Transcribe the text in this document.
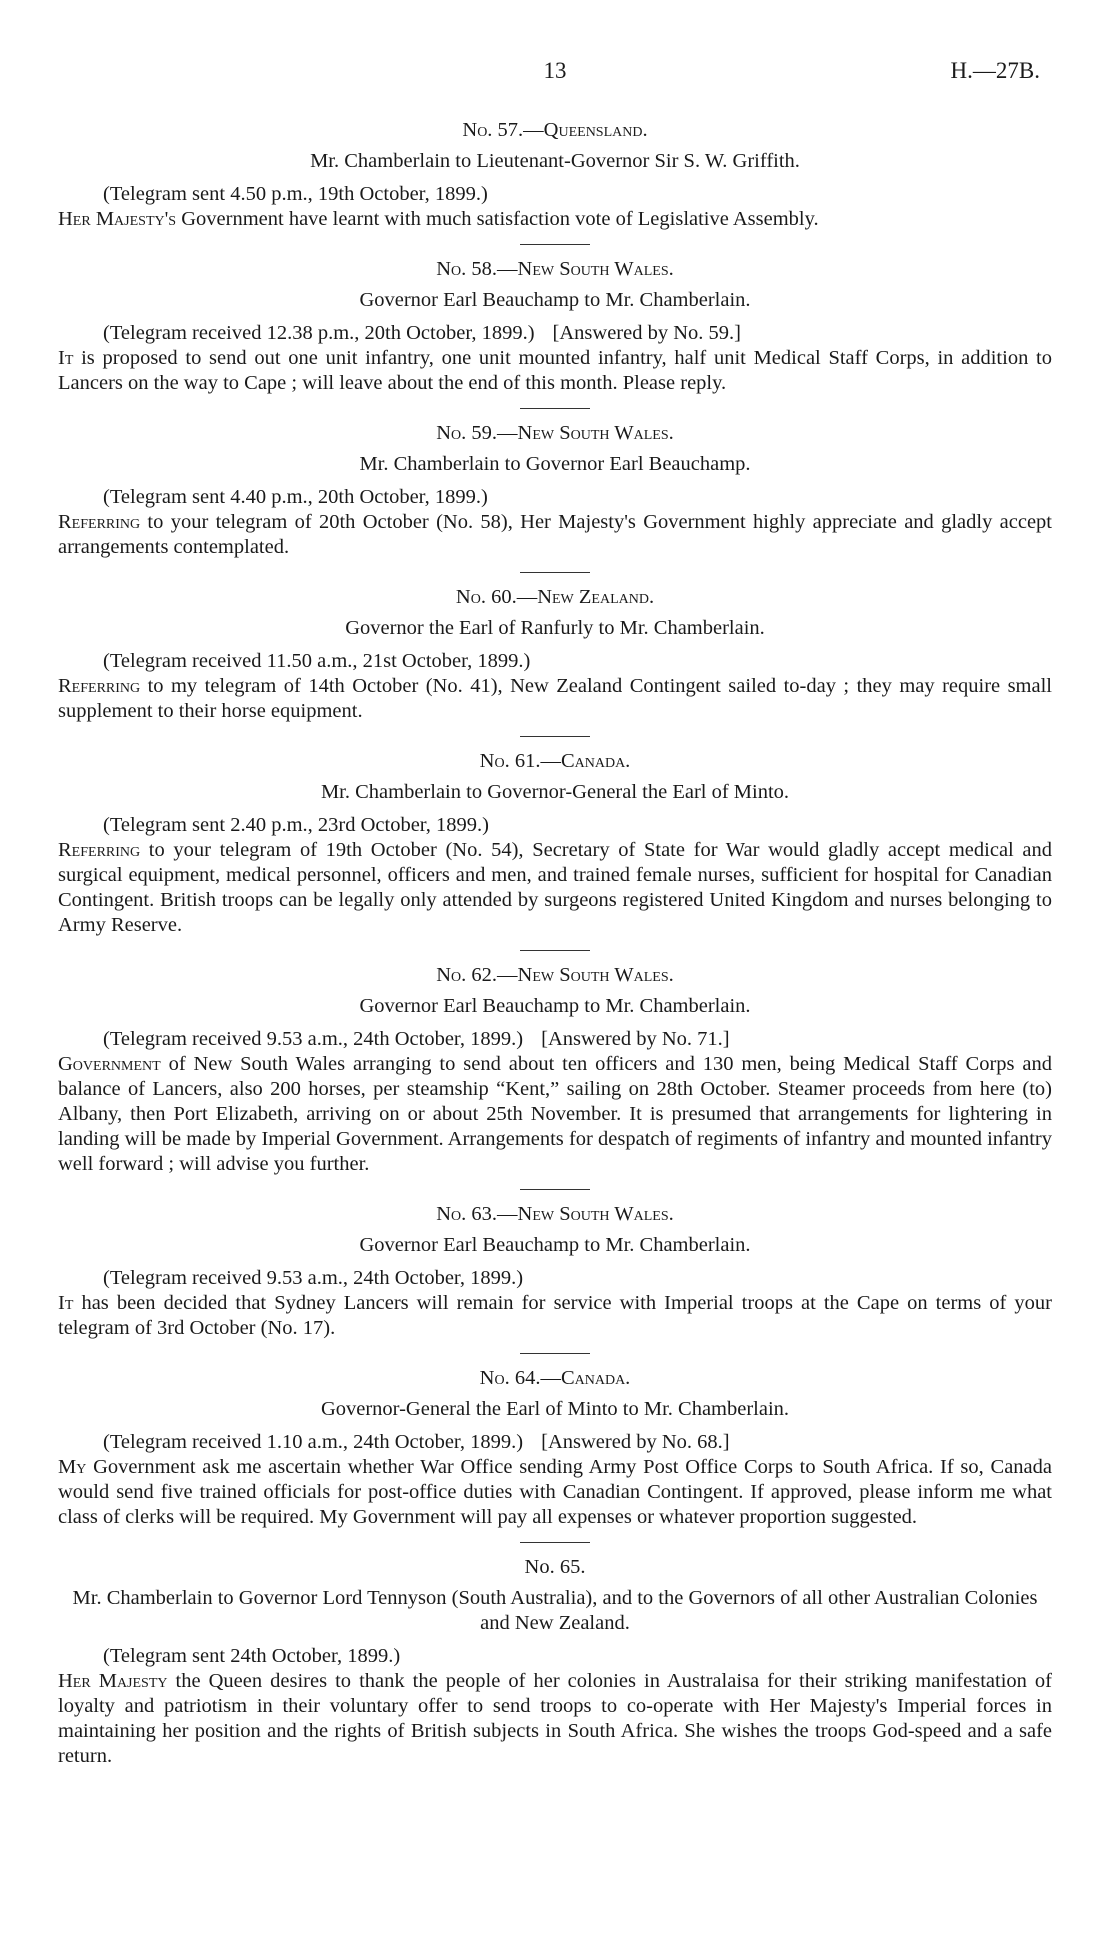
13	H.—27B.

No. 57.—Queensland.

Mr. Chamberlain to Lieutenant-Governor Sir S. W. Griffith.

(Telegram sent 4.50 p.m., 19th October, 1899.)

Her Majesty's Government have learnt with much satisfaction vote of Legislative Assembly.

No. 58.—New South Wales.

Governor Earl Beauchamp to Mr. Chamberlain.

(Telegram received 12.38 p.m., 20th October, 1899.) [Answered by No. 59.]

It is proposed to send out one unit infantry, one unit mounted infantry, half unit Medical Staff Corps, in addition to Lancers on the way to Cape ; will leave about the end of this month. Please reply.

No. 59.—New South Wales.

Mr. Chamberlain to Governor Earl Beauchamp.

(Telegram sent 4.40 p.m., 20th October, 1899.)

Referring to your telegram of 20th October (No. 58), Her Majesty's Government highly appreciate and gladly accept arrangements contemplated.

No. 60.—New Zealand.

Governor the Earl of Ranfurly to Mr. Chamberlain.

(Telegram received 11.50 a.m., 21st October, 1899.)

Referring to my telegram of 14th October (No. 41), New Zealand Contingent sailed to-day ; they may require small supplement to their horse equipment.

No. 61.—Canada.

Mr. Chamberlain to Governor-General the Earl of Minto.

(Telegram sent 2.40 p.m., 23rd October, 1899.)

Referring to your telegram of 19th October (No. 54), Secretary of State for War would gladly accept medical and surgical equipment, medical personnel, officers and men, and trained female nurses, sufficient for hospital for Canadian Contingent. British troops can be legally only attended by surgeons registered United Kingdom and nurses belonging to Army Reserve.

No. 62.—New South Wales.

Governor Earl Beauchamp to Mr. Chamberlain.

(Telegram received 9.53 a.m., 24th October, 1899.) [Answered by No. 71.]

Government of New South Wales arranging to send about ten officers and 130 men, being Medical Staff Corps and balance of Lancers, also 200 horses, per steamship “Kent,” sailing on 28th October. Steamer proceeds from here (to) Albany, then Port Elizabeth, arriving on or about 25th November. It is presumed that arrangements for lightering in landing will be made by Imperial Government. Arrangements for despatch of regiments of infantry and mounted infantry well forward ; will advise you further.

No. 63.—New South Wales.

Governor Earl Beauchamp to Mr. Chamberlain.

(Telegram received 9.53 a.m., 24th October, 1899.)

It has been decided that Sydney Lancers will remain for service with Imperial troops at the Cape on terms of your telegram of 3rd October (No. 17).

No. 64.—Canada.

Governor-General the Earl of Minto to Mr. Chamberlain.

(Telegram received 1.10 a.m., 24th October, 1899.) [Answered by No. 68.]

My Government ask me ascertain whether War Office sending Army Post Office Corps to South Africa. If so, Canada would send five trained officials for post-office duties with Canadian Contingent. If approved, please inform me what class of clerks will be required. My Government will pay all expenses or whatever proportion suggested.

No. 65.

Mr. Chamberlain to Governor Lord Tennyson (South Australia), and to the Governors of all other Australian Colonies and New Zealand.

(Telegram sent 24th October, 1899.)

Her Majesty the Queen desires to thank the people of her colonies in Australaisa for their striking manifestation of loyalty and patriotism in their voluntary offer to send troops to co-operate with Her Majesty's Imperial forces in maintaining her position and the rights of British subjects in South Africa. She wishes the troops God-speed and a safe return.
